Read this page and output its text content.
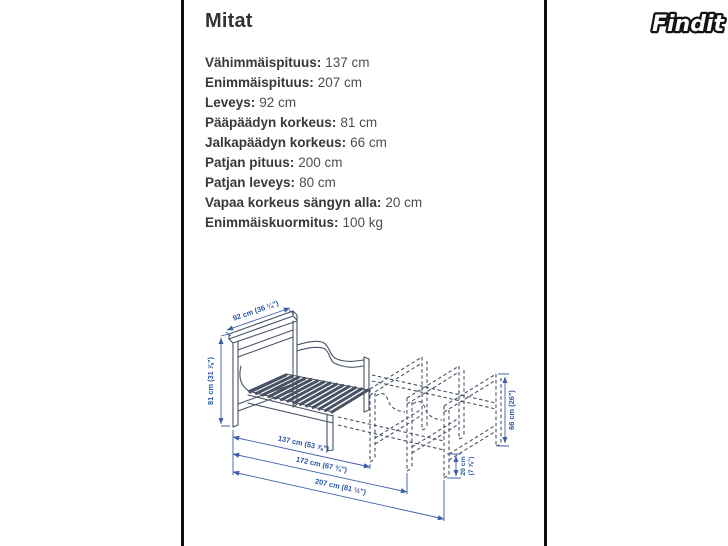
Mitat
Vähimmäispituus: 137 cm
Enimmäispituus: 207 cm
Leveys: 92 cm
Pääpäädyn korkeus: 81 cm
Jalkapäädyn korkeus: 66 cm
Patjan pituus: 200 cm
Patjan leveys: 80 cm
Vapaa korkeus sängyn alla: 20 cm
Enimmäiskuormitus: 100 kg
92 cm (36 ¼")
81 cm (31 ⅞")
137 cm (53 ⅞")
172 cm (67 ¾")
207 cm (81 ½")
66 cm (26")
20 cm (7 ⅞")
Findit
